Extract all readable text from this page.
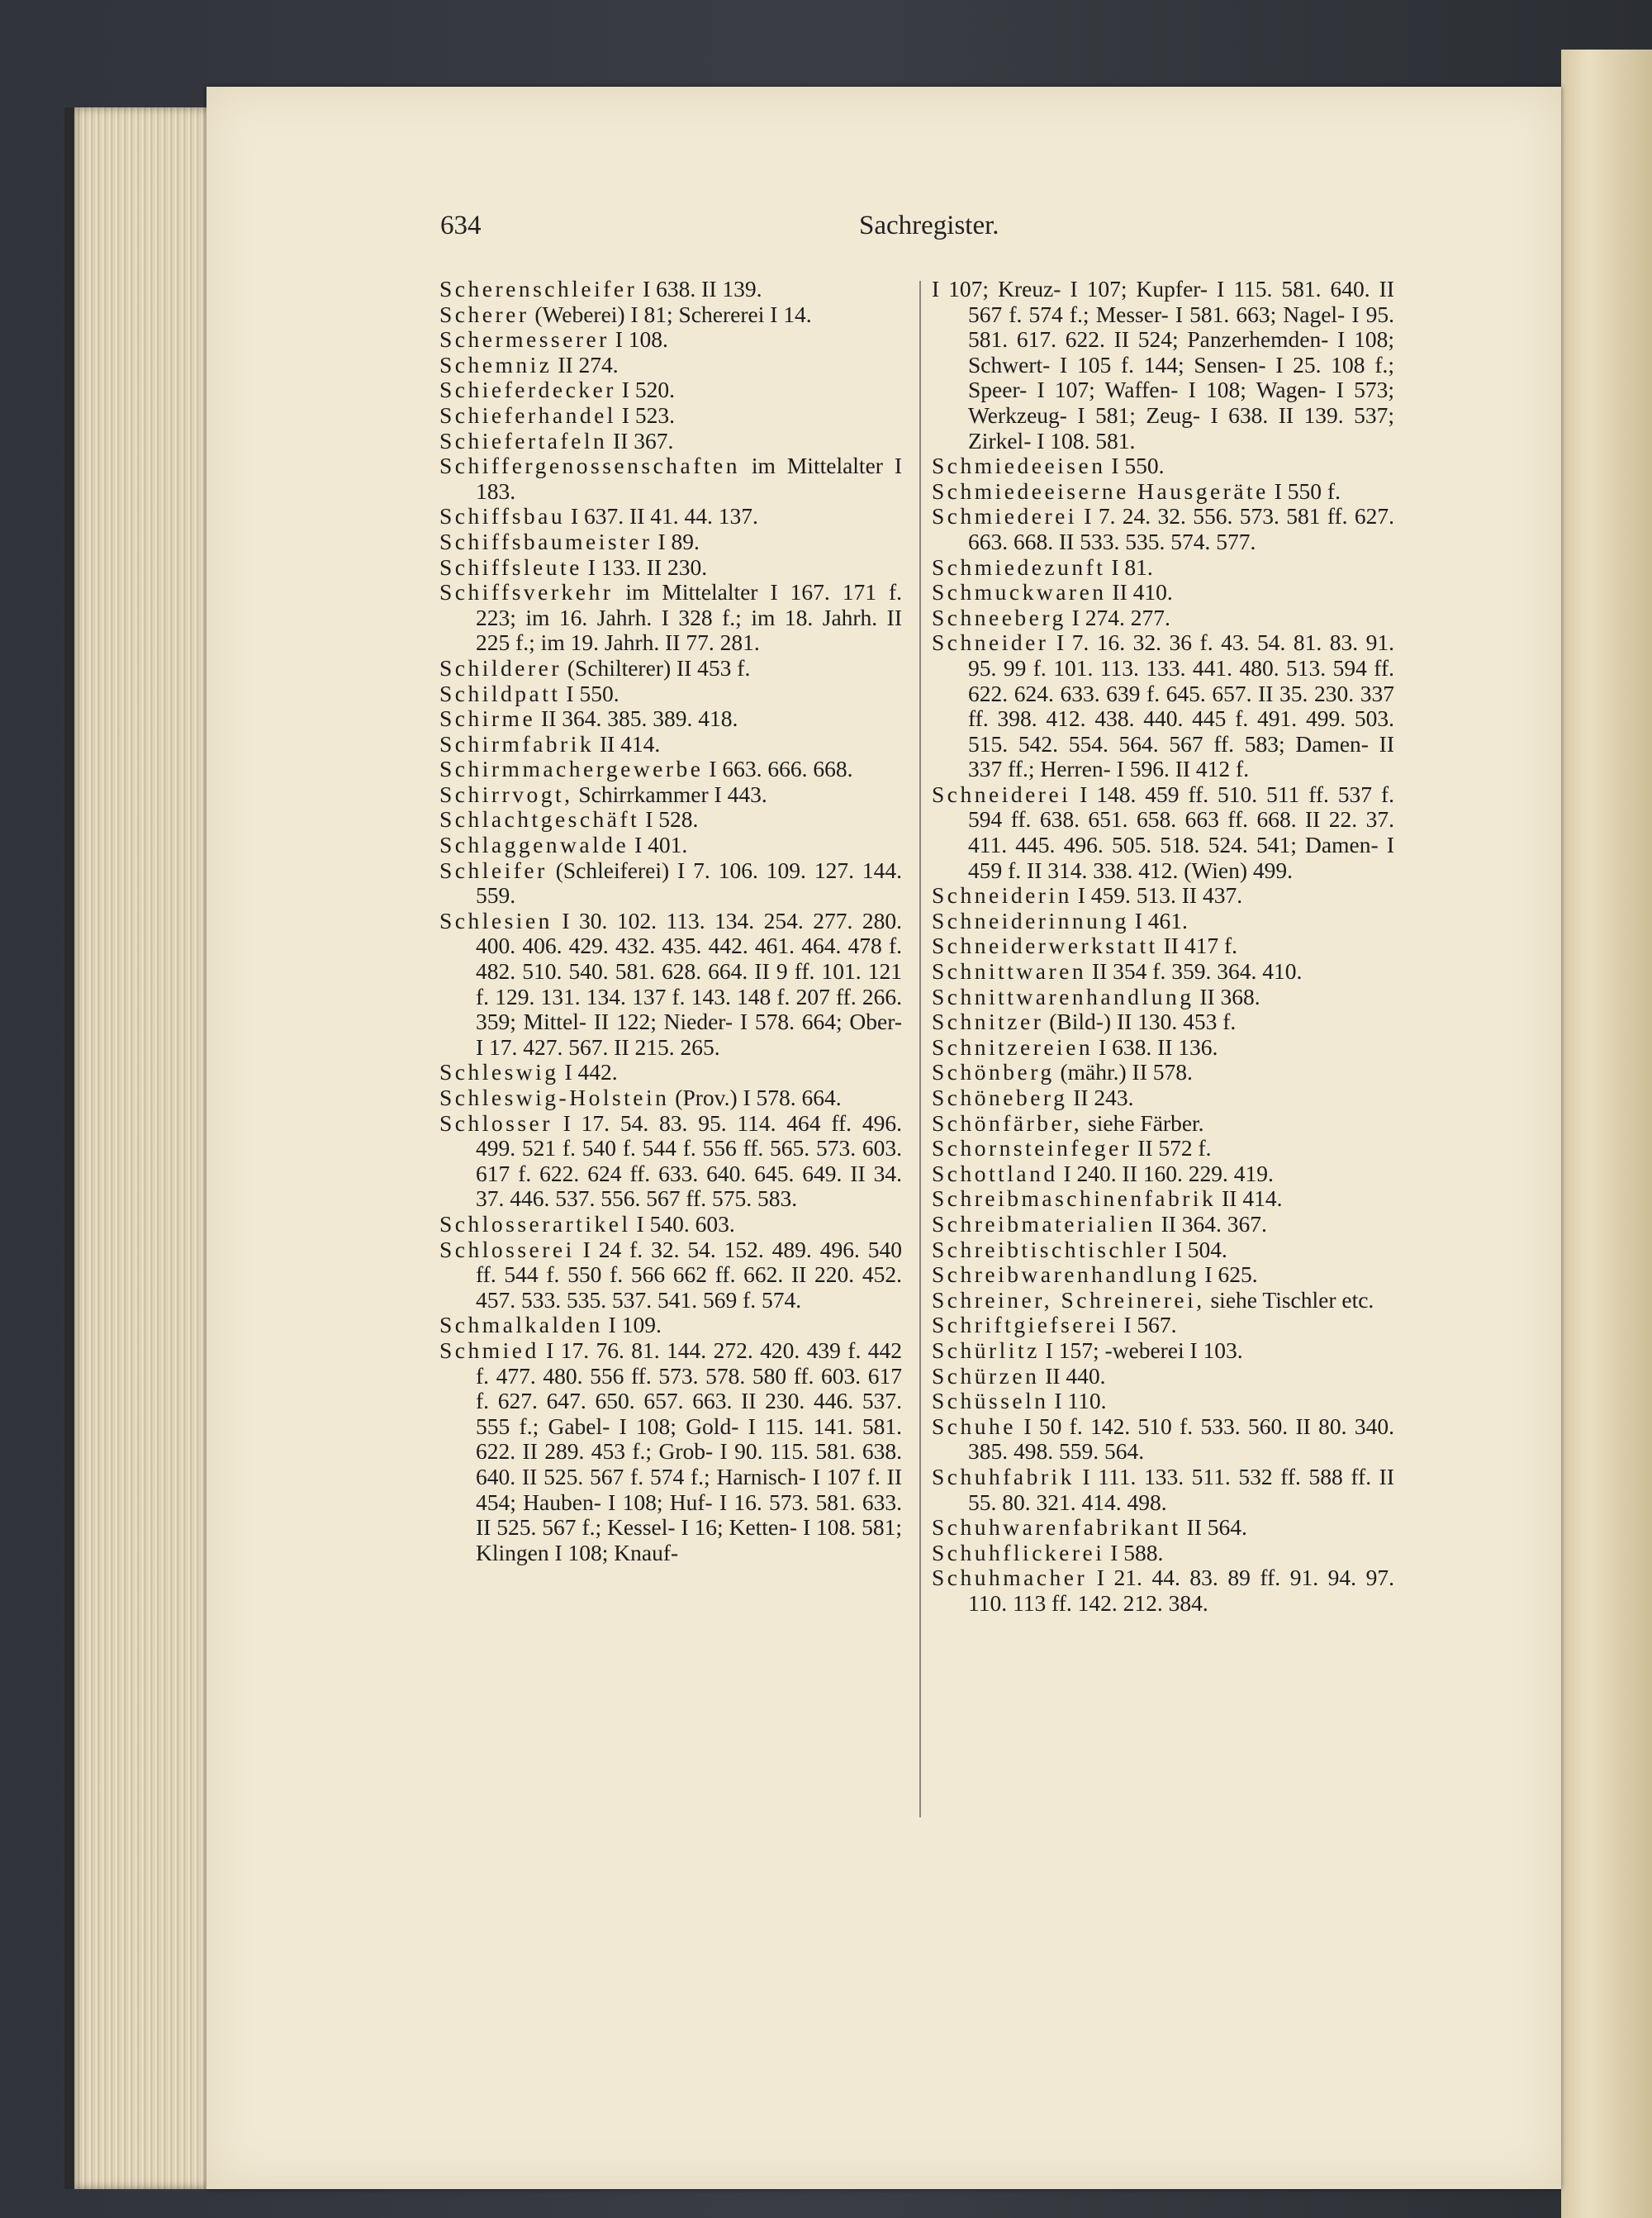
634	Sachregister.

Scherenschleifer I 638. II 139.

Scherer (Weberei) I 81; Schererei I 14.

Schermesserer I 108.

Schemniz II 274.

Schieferdecker I 520.

Schieferhandel I 523.

Schiefertafeln II 367.

Schiffergenossenschaften im Mittelalter I 183.

Schiffsbau I 637. II 41. 44. 137.

Schiffsbaumeister I 89.

Schiffsleute I 133. II 230.

Schiffsverkehr im Mittelalter I 167. 171 f. 223; im 16. Jahrh. I 328 f.; im 18. Jahrh. II 225 f.; im 19. Jahrh. II 77. 281.

Schilderer (Schilterer) II 453 f.

Schildpatt I 550.

Schirme II 364. 385. 389. 418.

Schirmfabrik II 414.

Schirmmachergewerbe I 663. 666. 668.

Schirrvogt, Schirrkammer I 443.

Schlachtgeschäft I 528.

Schlaggenwalde I 401.

Schleifer (Schleiferei) I 7. 106. 109. 127. 144. 559.

Schlesien I 30. 102. 113. 134. 254. 277. 280. 400. 406. 429. 432. 435. 442. 461. 464. 478 f. 482. 510. 540. 581. 628. 664. II 9 ff. 101. 121 f. 129. 131. 134. 137 f. 143. 148 f. 207 ff. 266. 359; Mittel- II 122; Nieder- I 578. 664; Ober- I 17. 427. 567. II 215. 265.

Schleswig I 442.

Schleswig-Holstein (Prov.) I 578. 664.

Schlosser I 17. 54. 83. 95. 114. 464 ff. 496. 499. 521 f. 540 f. 544 f. 556 ff. 565. 573. 603. 617 f. 622. 624 ff. 633. 640. 645. 649. II 34. 37. 446. 537. 556. 567 ff. 575. 583.

Schlosserartikel I 540. 603.

Schlosserei I 24 f. 32. 54. 152. 489. 496. 540 ff. 544 f. 550 f. 566 662 ff. 662. II 220. 452. 457. 533. 535. 537. 541. 569 f. 574.

Schmalkalden I 109.

Schmied I 17. 76. 81. 144. 272. 420. 439 f. 442 f. 477. 480. 556 ff. 573. 578. 580 ff. 603. 617 f. 627. 647. 650. 657. 663. II 230. 446. 537. 555 f.; Gabel- I 108; Gold- I 115. 141. 581. 622. II 289. 453 f.; Grob- I 90. 115. 581. 638. 640. II 525. 567 f. 574 f.; Harnisch- I 107 f. II 454; Hauben- I 108; Huf- I 16. 573. 581. 633. II 525. 567 f.; Kessel- I 16; Ketten- I 108. 581; Klingen I 108; Knauf-

I 107; Kreuz- I 107; Kupfer- I 115. 581. 640. II 567 f. 574 f.; Messer- I 581. 663; Nagel- I 95. 581. 617. 622. II 524; Panzerhemden- I 108; Schwert- I 105 f. 144; Sensen- I 25. 108 f.; Speer- I 107; Waffen- I 108; Wagen- I 573; Werkzeug- I 581; Zeug- I 638. II 139. 537; Zirkel- I 108. 581.

Schmiedeeisen I 550.

Schmiedeeiserne Hausgeräte I 550 f.

Schmiederei I 7. 24. 32. 556. 573. 581 ff. 627. 663. 668. II 533. 535. 574. 577.

Schmiedezunft I 81.

Schmuckwaren II 410.

Schneeberg I 274. 277.

Schneider I 7. 16. 32. 36 f. 43. 54. 81. 83. 91. 95. 99 f. 101. 113. 133. 441. 480. 513. 594 ff. 622. 624. 633. 639 f. 645. 657. II 35. 230. 337 ff. 398. 412. 438. 440. 445 f. 491. 499. 503. 515. 542. 554. 564. 567 ff. 583; Damen- II 337 ff.; Herren- I 596. II 412 f.

Schneiderei I 148. 459 ff. 510. 511 ff. 537 f. 594 ff. 638. 651. 658. 663 ff. 668. II 22. 37. 411. 445. 496. 505. 518. 524. 541; Damen- I 459 f. II 314. 338. 412. (Wien) 499.

Schneiderin I 459. 513. II 437.

Schneiderinnung I 461.

Schneiderwerkstatt II 417 f.

Schnittwaren II 354 f. 359. 364. 410.

Schnittwarenhandlung II 368.

Schnitzer (Bild-) II 130. 453 f.

Schnitzereien I 638. II 136.

Schönberg (mähr.) II 578.

Schöneberg II 243.

Schönfärber, siehe Färber.

Schornsteinfeger II 572 f.

Schottland I 240. II 160. 229. 419.

Schreibmaschinenfabrik II 414.

Schreibmaterialien II 364. 367.

Schreibtischtischler I 504.

Schreibwarenhandlung I 625.

Schreiner, Schreinerei, siehe Tischler etc.

Schriftgiefserei I 567.

Schürlitz I 157; -weberei I 103.

Schürzen II 440.

Schüsseln I 110.

Schuhe I 50 f. 142. 510 f. 533. 560. II 80. 340. 385. 498. 559. 564.

Schuhfabrik I 111. 133. 511. 532 ff. 588 ff. II 55. 80. 321. 414. 498.

Schuhwarenfabrikant II 564.

Schuhflickerei I 588.

Schuhmacher I 21. 44. 83. 89 ff. 91. 94. 97. 110. 113 ff. 142. 212. 384.
